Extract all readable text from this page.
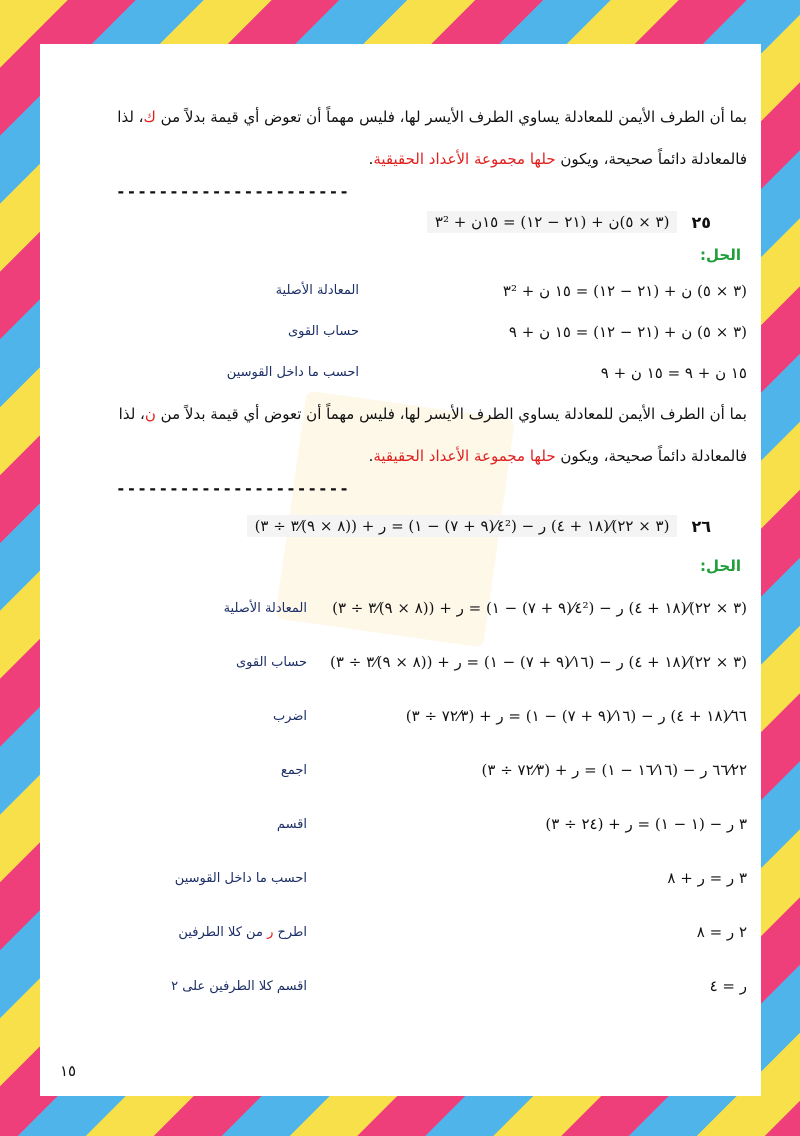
بما أن الطرف الأيمن للمعادلة يساوي الطرف الأيسر لها، فليس مهماً أن تعوض أي قيمة بدلاً من ك، لذا
فالمعادلة دائماً صحيحة، ويكون حلها مجموعة الأعداد الحقيقية.
----------------------
٢٥
(٣ × ٥)ن + (٢١ − ١٢) = ١٥ن + ٣²
الحل:
(٣ × ٥) ن + (٢١ − ١٢) = ١٥ ن + ٣²
المعادلة الأصلية
(٣ × ٥) ن + (٢١ − ١٢) = ١٥ ن + ٩
حساب القوى
١٥ ن + ٩ = ١٥ ن + ٩
احسب ما داخل القوسين
بما أن الطرف الأيمن للمعادلة يساوي الطرف الأيسر لها، فليس مهماً أن تعوض أي قيمة بدلاً من ن، لذا
فالمعادلة دائماً صحيحة، ويكون حلها مجموعة الأعداد الحقيقية.
----------------------
٢٦
(٣ × ٢٢)⁄(١٨ + ٤) ر − (٤²⁄(٩ + ٧) − ١) = ر + ((٨ × ٩)⁄٣ ÷ ٣)
الحل:
(٣ × ٢٢)⁄(١٨ + ٤) ر − (٤²⁄(٩ + ٧) − ١) = ر + ((٨ × ٩)⁄٣ ÷ ٣)
المعادلة الأصلية
(٣ × ٢٢)⁄(١٨ + ٤) ر − (١٦⁄(٩ + ٧) − ١) = ر + ((٨ × ٩)⁄٣ ÷ ٣)
حساب القوى
٦٦⁄(١٨ + ٤) ر − (١٦⁄(٩ + ٧) − ١) = ر + (٧٢⁄٣ ÷ ٣)
اضرب
٦٦⁄٢٢ ر − (١٦⁄١٦ − ١) = ر + (٧٢⁄٣ ÷ ٣)
اجمع
٣ ر − (١ − ١) = ر + (٢٤ ÷ ٣)
اقسم
٣ ر = ر + ٨
احسب ما داخل القوسين
٢ ر = ٨
اطرح ر من كلا الطرفين
ر = ٤
اقسم كلا الطرفين على ٢
١٥
